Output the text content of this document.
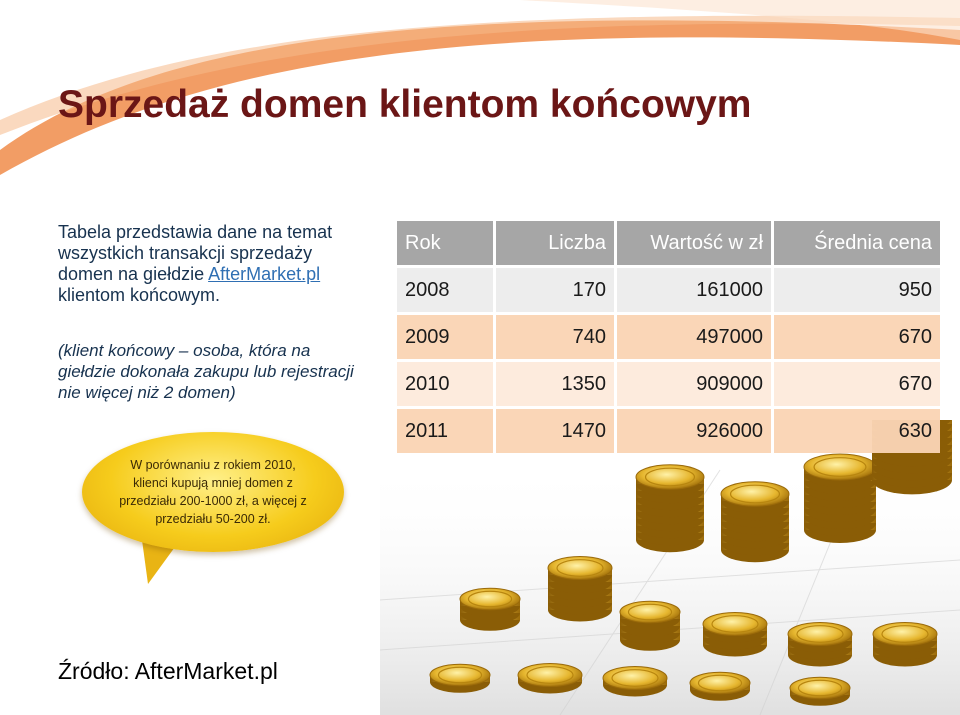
Sprzedaż domen klientom końcowym
Tabela przedstawia dane na temat wszystkich transakcji sprzedaży domen na giełdzie AfterMarket.pl klientom końcowym.
(klient końcowy – osoba, która na giełdzie dokonała zakupu lub rejestracji nie więcej niż 2 domen)
W porównaniu z rokiem 2010, klienci kupują mniej domen z przedziału 200-1000 zł, a więcej z przedziału 50-200 zł.
Rok	Liczba	Wartość w zł	Średnia cena
2008	170	161000	950
2009	740	497000	670
2010	1350	909000	670
2011	1470	926000	630
Źródło: AfterMarket.pl
